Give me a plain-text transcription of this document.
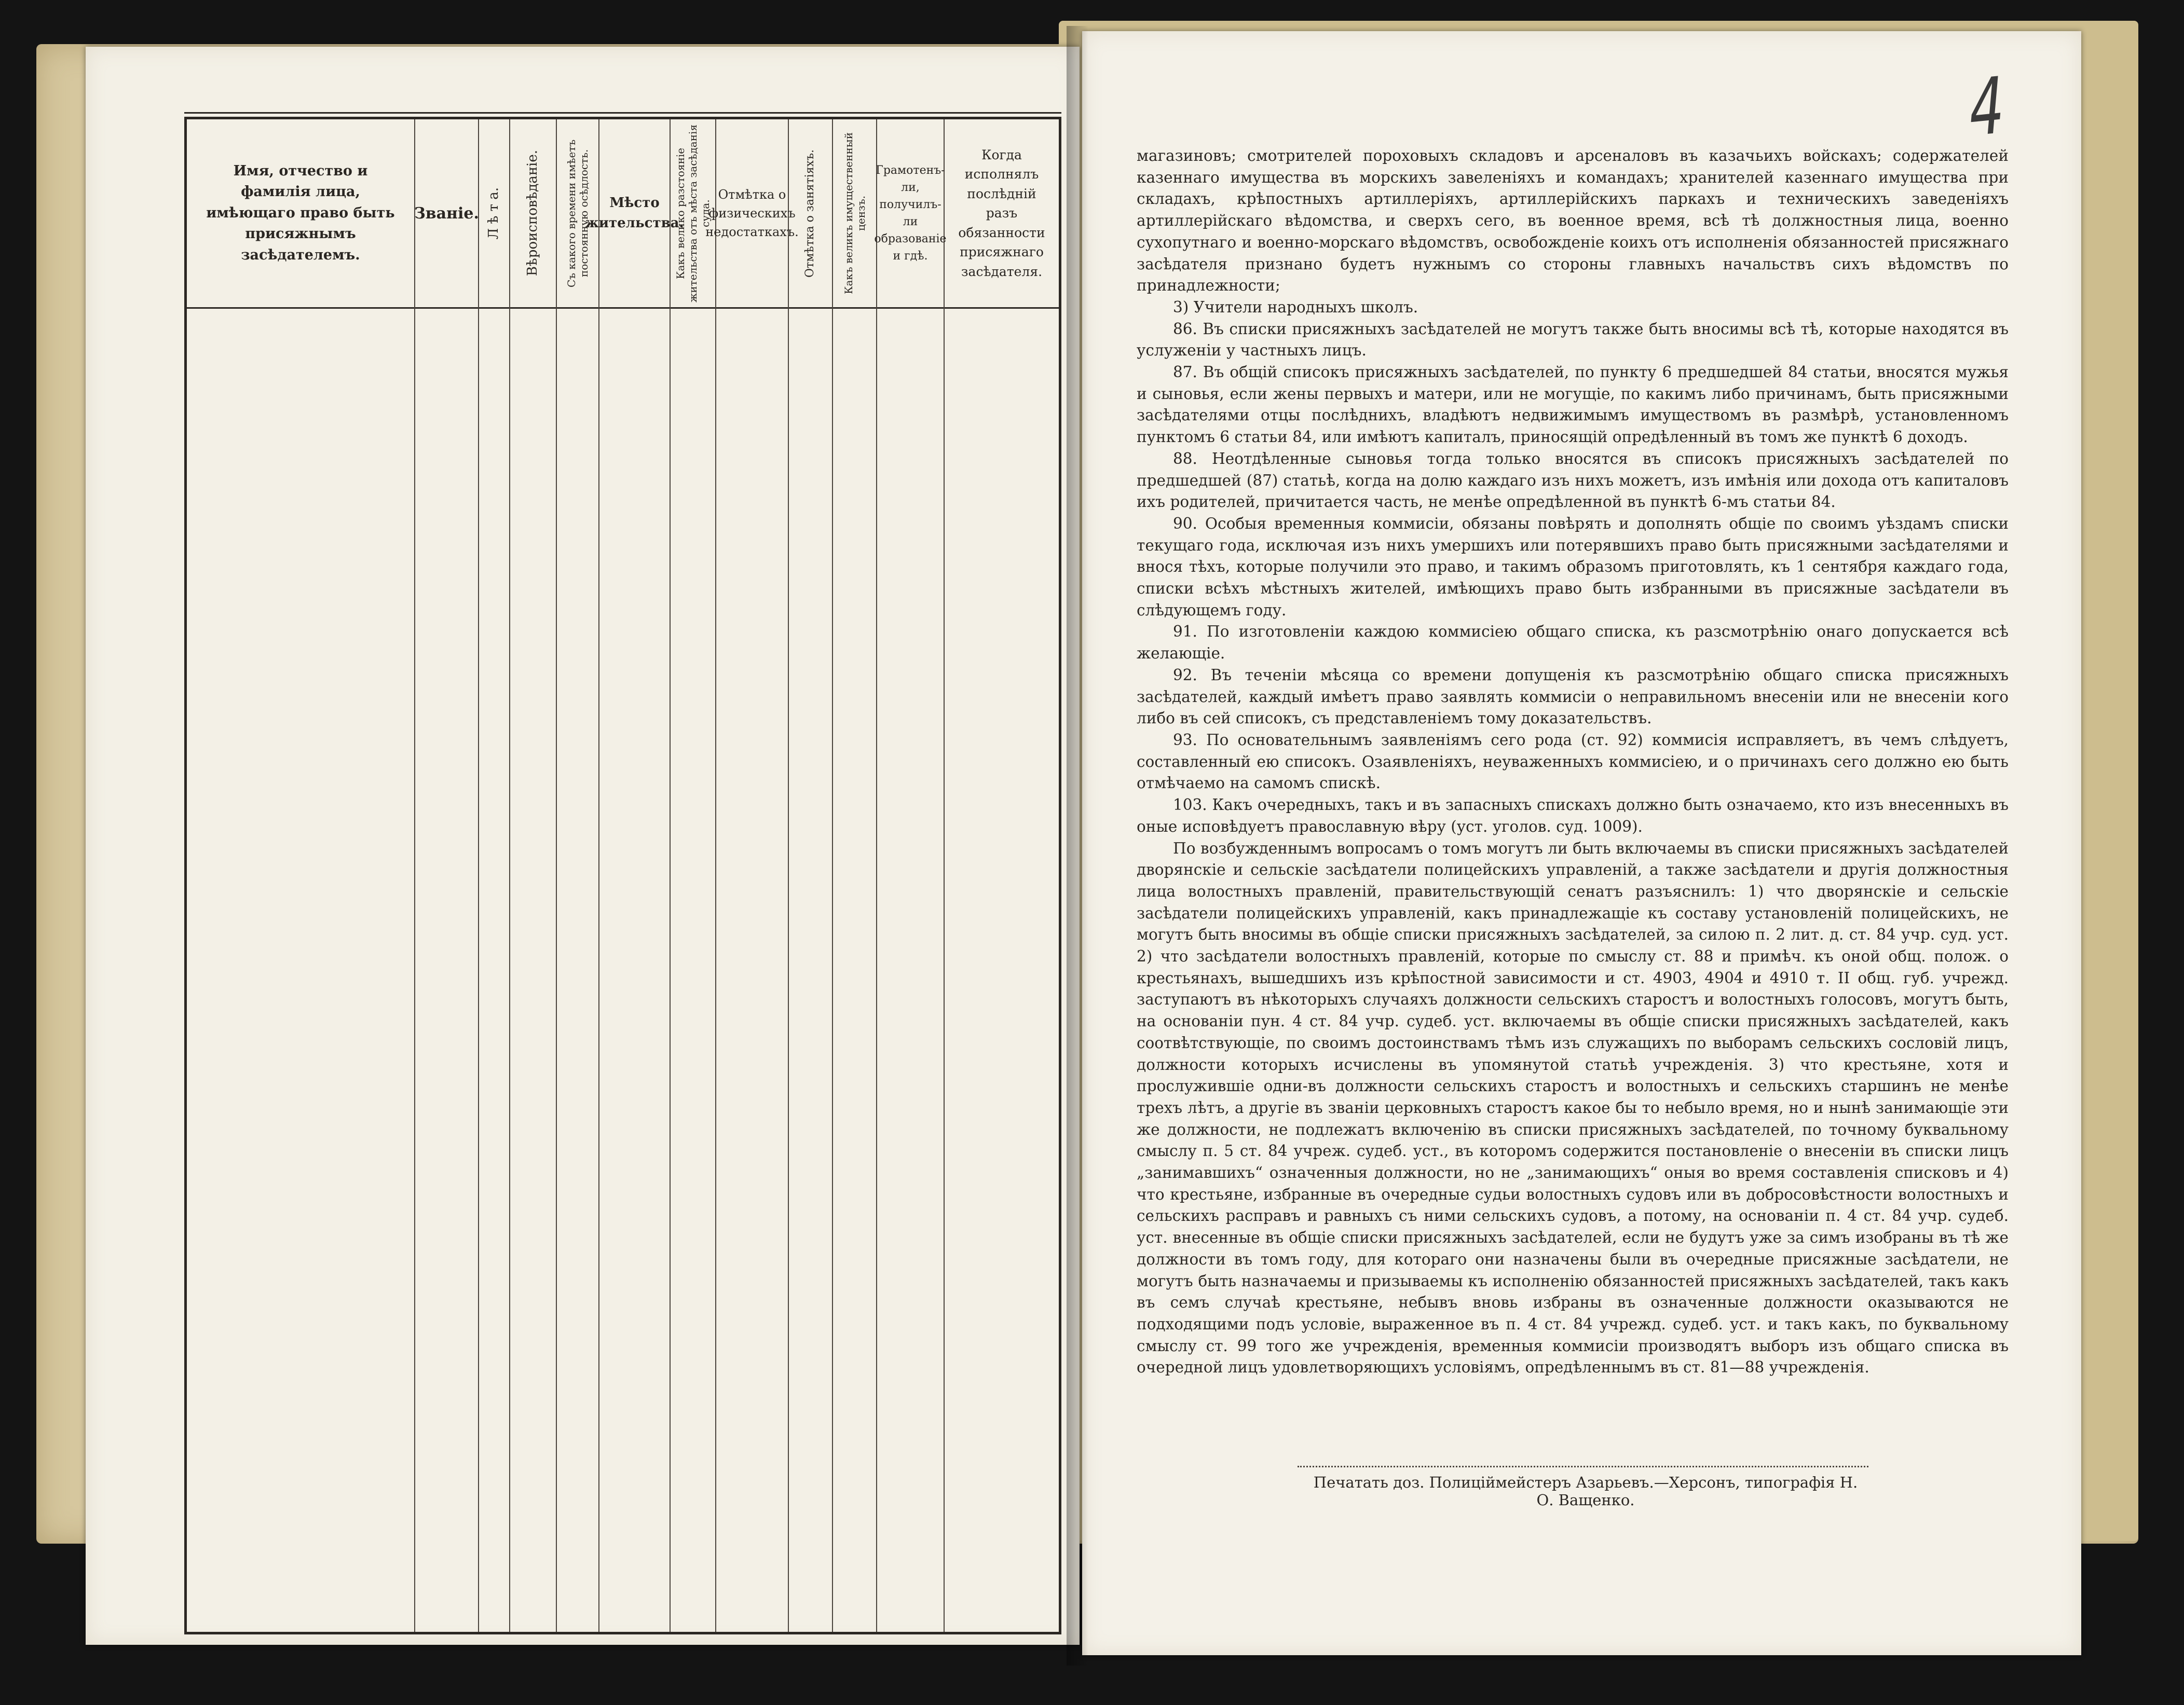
Имя, отчество и фамилія лица, имѣющаго право быть присяжнымъ засѣдателемъ.
Званіе. Л ѣ т а. Вѣроисповѣданіе. Съ какого времени имѣетъ постоянную осѣдлость.	Мѣсто жительства.
Какъ велико разстояніе жительства отъ мѣста засѣданія суда.
Отмѣтка о физическихъ недостаткахъ. Отмѣтка о занятіяхъ. Какъ великъ имущественный цензъ.
Грамотенъ-ли, получилъ-ли образованіе и гдѣ.
Когда исполнялъ послѣдній разъ обязанности присяжнаго засѣдателя.
4

магазиновъ; смотрителей пороховыхъ складовъ и арсеналовъ въ казачьихъ войскахъ; содержателей казеннаго имущества въ морскихъ завеленіяхъ и командахъ; хранителей казеннаго имущества при складахъ, крѣпостныхъ артиллеріяхъ, артиллерійскихъ паркахъ и техническихъ заведеніяхъ артиллерійскаго вѣдомства, и сверхъ сего, въ военное время, всѣ тѣ должностныя лица, военно сухопутнаго и военно-морскаго вѣдомствъ, освобожденіе коихъ отъ исполненія обязанностей присяжнаго засѣдателя признано будетъ нужнымъ со стороны главныхъ начальствъ сихъ вѣдомствъ по принадлежности;

3) Учители народныхъ школъ.

86. Въ списки присяжныхъ засѣдателей не могутъ также быть вносимы всѣ тѣ, которые находятся въ услуженіи у частныхъ лицъ.

87. Въ общій списокъ присяжныхъ засѣдателей, по пункту 6 предшедшей 84 статьи, вносятся мужья и сыновья, если жены первыхъ и матери, или не могущіе, по какимъ либо причинамъ, быть присяжными засѣдателями отцы послѣднихъ, владѣютъ недвижимымъ имуществомъ въ размѣрѣ, установленномъ пунктомъ 6 статьи 84, или имѣютъ капиталъ, приносящій опредѣленный въ томъ же пунктѣ 6 доходъ.

88. Неотдѣленные сыновья тогда только вносятся въ списокъ присяжныхъ засѣдателей по предшедшей (87) статьѣ, когда на долю каждаго изъ нихъ можетъ, изъ имѣнія или дохода отъ капиталовъ ихъ родителей, причитается часть, не менѣе опредѣленной въ пунктѣ 6-мъ статьи 84.

90. Особыя временныя коммисіи, обязаны повѣрять и дополнять общіе по своимъ уѣздамъ списки текущаго года, исключая изъ нихъ умершихъ или потерявшихъ право быть присяжными засѣдателями и внося тѣхъ, которые получили это право, и такимъ образомъ приготовлять, къ 1 сентября каждаго года, списки всѣхъ мѣстныхъ жителей, имѣющихъ право быть избранными въ присяжные засѣдатели въ слѣдующемъ году.

91. По изготовленіи каждою коммисіею общаго списка, къ разсмотрѣнію онаго допускается всѣ желающіе.

92. Въ теченіи мѣсяца со времени допущенія къ разсмотрѣнію общаго списка присяжныхъ засѣдателей, каждый имѣетъ право заявлять коммисіи о неправильномъ внесеніи или не внесеніи кого либо въ сей списокъ, съ представленіемъ тому доказательствъ.

93. По основательнымъ заявленіямъ сего рода (ст. 92) коммисія исправляетъ, въ чемъ слѣдуетъ, составленный ею списокъ. Озаявленіяхъ, неуваженныхъ коммисіею, и о причинахъ сего должно ею быть отмѣчаемо на самомъ спискѣ.

103. Какъ очередныхъ, такъ и въ запасныхъ спискахъ должно быть означаемо, кто изъ внесенныхъ въ оные исповѣдуетъ православную вѣру (уст. уголов. суд. 1009).

По возбужденнымъ вопросамъ о томъ могутъ ли быть включаемы въ списки присяжныхъ засѣдателей дворянскіе и сельскіе засѣдатели полицейскихъ управленій, а также засѣдатели и другія должностныя лица волостныхъ правленій, правительствующій сенатъ разъяснилъ: 1) что дворянскіе и сельскіе засѣдатели полицейскихъ управленій, какъ принадлежащіе къ составу установленій полицейскихъ, не могутъ быть вносимы въ общіе списки присяжныхъ засѣдателей, за силою п. 2 лит. д. ст. 84 учр. суд. уст. 2) что засѣдатели волостныхъ правленій, которые по смыслу ст. 88 и примѣч. къ оной общ. полож. о крестьянахъ, вышедшихъ изъ крѣпостной зависимости и ст. 4903, 4904 и 4910 т. II общ. губ. учрежд. заступаютъ въ нѣкоторыхъ случаяхъ должности сельскихъ старостъ и волостныхъ голосовъ, могутъ быть, на основаніи пун. 4 ст. 84 учр. судеб. уст. включаемы въ общіе списки присяжныхъ засѣдателей, какъ соотвѣтствующіе, по своимъ достоинствамъ тѣмъ изъ служащихъ по выборамъ сельскихъ сословій лицъ, должности которыхъ исчислены въ упомянутой статьѣ учрежденія. 3) что крестьяне, хотя и прослужившіе одни-въ должности сельскихъ старостъ и волостныхъ и сельскихъ старшинъ не менѣе трехъ лѣтъ, а другіе въ званіи церковныхъ старостъ какое бы то небыло время, но и нынѣ занимающіе эти же должности, не подлежатъ включенію въ списки присяжныхъ засѣдателей, по точному буквальному смыслу п. 5 ст. 84 учреж. судеб. уст., въ которомъ содержится постановленіе о внесеніи въ списки лицъ „занимавшихъ“ означенныя должности, но не „занимающихъ“ оныя во время составленія списковъ и 4) что крестьяне, избранные въ очередные судьи волостныхъ судовъ или въ добросовѣстности волостныхъ и сельскихъ расправъ и равныхъ съ ними сельскихъ судовъ, а потому, на основаніи п. 4 ст. 84 учр. судеб. уст. внесенные въ общіе списки присяжныхъ засѣдателей, если не будутъ уже за симъ изобраны въ тѣ же должности въ томъ году, для котораго они назначены были въ очередные присяжные засѣдатели, не могутъ быть назначаемы и призываемы къ исполненію обязанностей присяжныхъ засѣдателей, такъ какъ въ семъ случаѣ крестьяне, небывъ вновь избраны въ означенные должности оказываются не подходящими подъ условіе, выраженное въ п. 4 ст. 84 учрежд. судеб. уст. и такъ какъ, по буквальному смыслу ст. 99 того же учрежденія, временныя коммисіи производятъ выборъ изъ общаго списка въ очередной лицъ удовлетворяющихъ условіямъ, опредѣленнымъ въ ст. 81—88 учрежденія.

Печатать доз. Полиціймейстеръ Азарьевъ.—Херсонъ, типографія Н. О. Ващенко.
